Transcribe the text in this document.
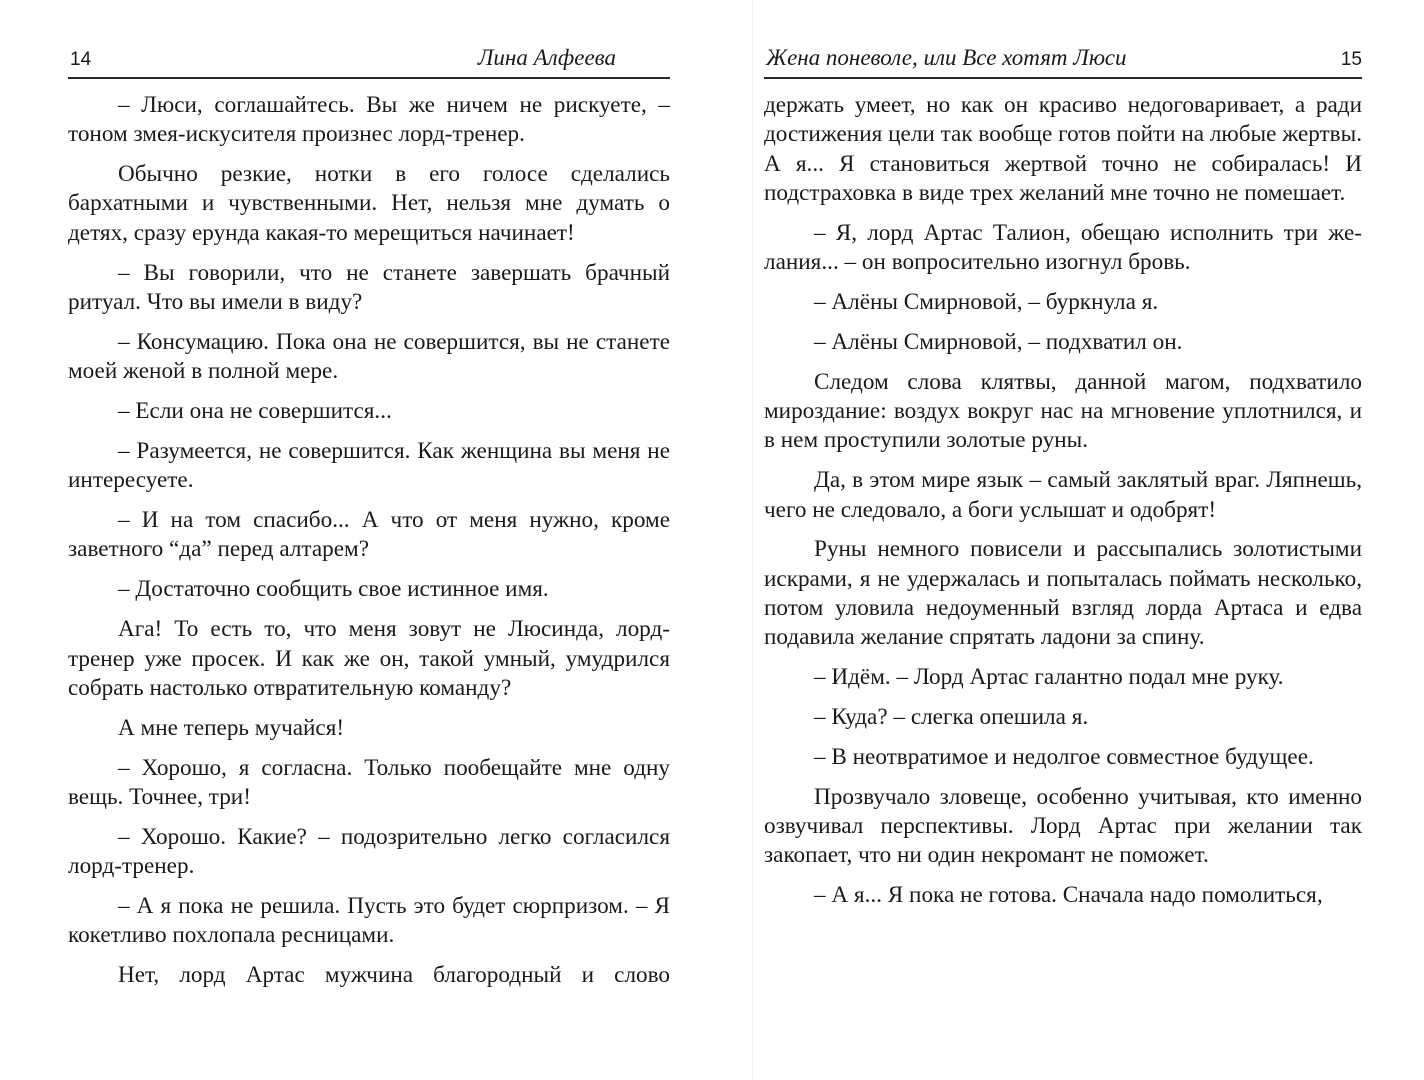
14	Лина Алфеева

– Люси, соглашайтесь. Вы же ничем не рискуете, – тоном змея-искусителя произнес лорд-тренер.

Обычно резкие, нотки в его голосе сделались бархатными и чувственными. Нет, нельзя мне думать о детях, сразу ерунда какая-то мерещиться начинает!

– Вы говорили, что не станете завершать брачный ритуал. Что вы имели в виду?

– Консумацию. Пока она не совершится, вы не станете моей женой в полной мере.

– Если она не совершится...

– Разумеется, не совершится. Как женщина вы меня не интересуете.

– И на том спасибо... А что от меня нужно, кроме заветного “да” перед алтарем?

– Достаточно сообщить свое истинное имя.

Ага! То есть то, что меня зовут не Люсинда, лорд-тренер уже просек. И как же он, такой умный, умудрился собрать настолько отвратительную команду?

А мне теперь мучайся!

– Хорошо, я согласна. Только пообещайте мне одну вещь. Точнее, три!

– Хорошо. Какие? – подозрительно легко согласился лорд-тренер.

– А я пока не решила. Пусть это будет сюрпризом. – Я кокетливо похлопала ресницами.

Нет, лорд Артас мужчина благородный и слово

Жена поневоле, или Все хотят Люси	15

держать умеет, но как он красиво недоговаривает, а ради достижения цели так вообще готов пойти на любые жертвы. А я... Я становиться жертвой точно не собиралась! И подстраховка в виде трех желаний мне точно не помешает.

– Я, лорд Артас Талион, обещаю исполнить три желания... – он вопросительно изогнул бровь.

– Алёны Смирновой, – буркнула я.

– Алёны Смирновой, – подхватил он.

Следом слова клятвы, данной магом, подхватило мироздание: воздух вокруг нас на мгновение уплотнился, и в нем проступили золотые руны.

Да, в этом мире язык – самый заклятый враг. Ляпнешь, чего не следовало, а боги услышат и одобрят!

Руны немного повисели и рассыпались золотистыми искрами, я не удержалась и попыталась поймать несколько, потом уловила недоуменный взгляд лорда Артаса и едва подавила желание спрятать ладони за спину.

– Идём. – Лорд Артас галантно подал мне руку.

– Куда? – слегка опешила я.

– В неотвратимое и недолгое совместное будущее.

Прозвучало зловеще, особенно учитывая, кто именно озвучивал перспективы. Лорд Артас при желании так закопает, что ни один некромант не поможет.

– А я... Я пока не готова. Сначала надо помолиться,
